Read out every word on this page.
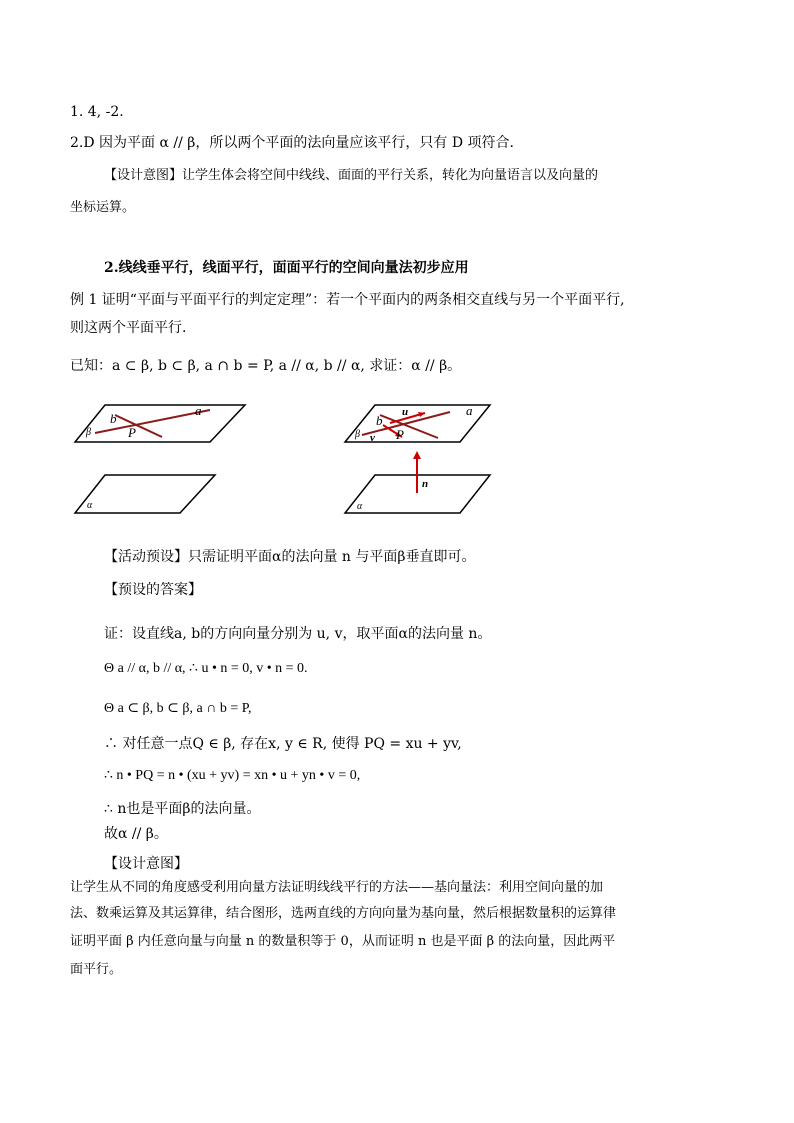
1. 4, -2.
2.D 因为平面 α // β，所以两个平面的法向量应该平行，只有 D 项符合.
【设计意图】让学生体会将空间中线线、面面的平行关系，转化为向量语言以及向量的
坐标运算。
2.线线垂平行，线面平行，面面平行的空间向量法初步应用
例 1 证明“平面与平面平行的判定定理”：若一个平面内的两条相交直线与另一个平面平行,
则这两个平面平行.
已知：a ⊂ β, b ⊂ β, a ∩ b = P, a // α, b // α, 求证：α // β。
β
b
a
P
α
β
b
a
P
u
v
n
α
【活动预设】只需证明平面α的法向量 n 与平面β垂直即可。
【预设的答案】
证：设直线a, b的方向向量分别为 u, v，取平面α的法向量 n。
Θ a // α, b // α, ∴ u • n = 0, v • n = 0.
Θ a ⊂ β, b ⊂ β, a ∩ b = P,
∴ 对任意一点Q ∈ β, 存在x, y ∈ R, 使得 PQ = xu + yv,
∴ n • PQ = n • (xu + yv) = xn • u + yn • v = 0,
∴ n也是平面β的法向量。
故α // β。
【设计意图】
让学生从不同的角度感受利用向量方法证明线线平行的方法——基向量法：利用空间向量的加
法、数乘运算及其运算律，结合图形，选两直线的方向向量为基向量，然后根据数量积的运算律
证明平面 β 内任意向量与向量 n 的数量积等于 0，从而证明 n 也是平面 β 的法向量，因此两平
面平行。
